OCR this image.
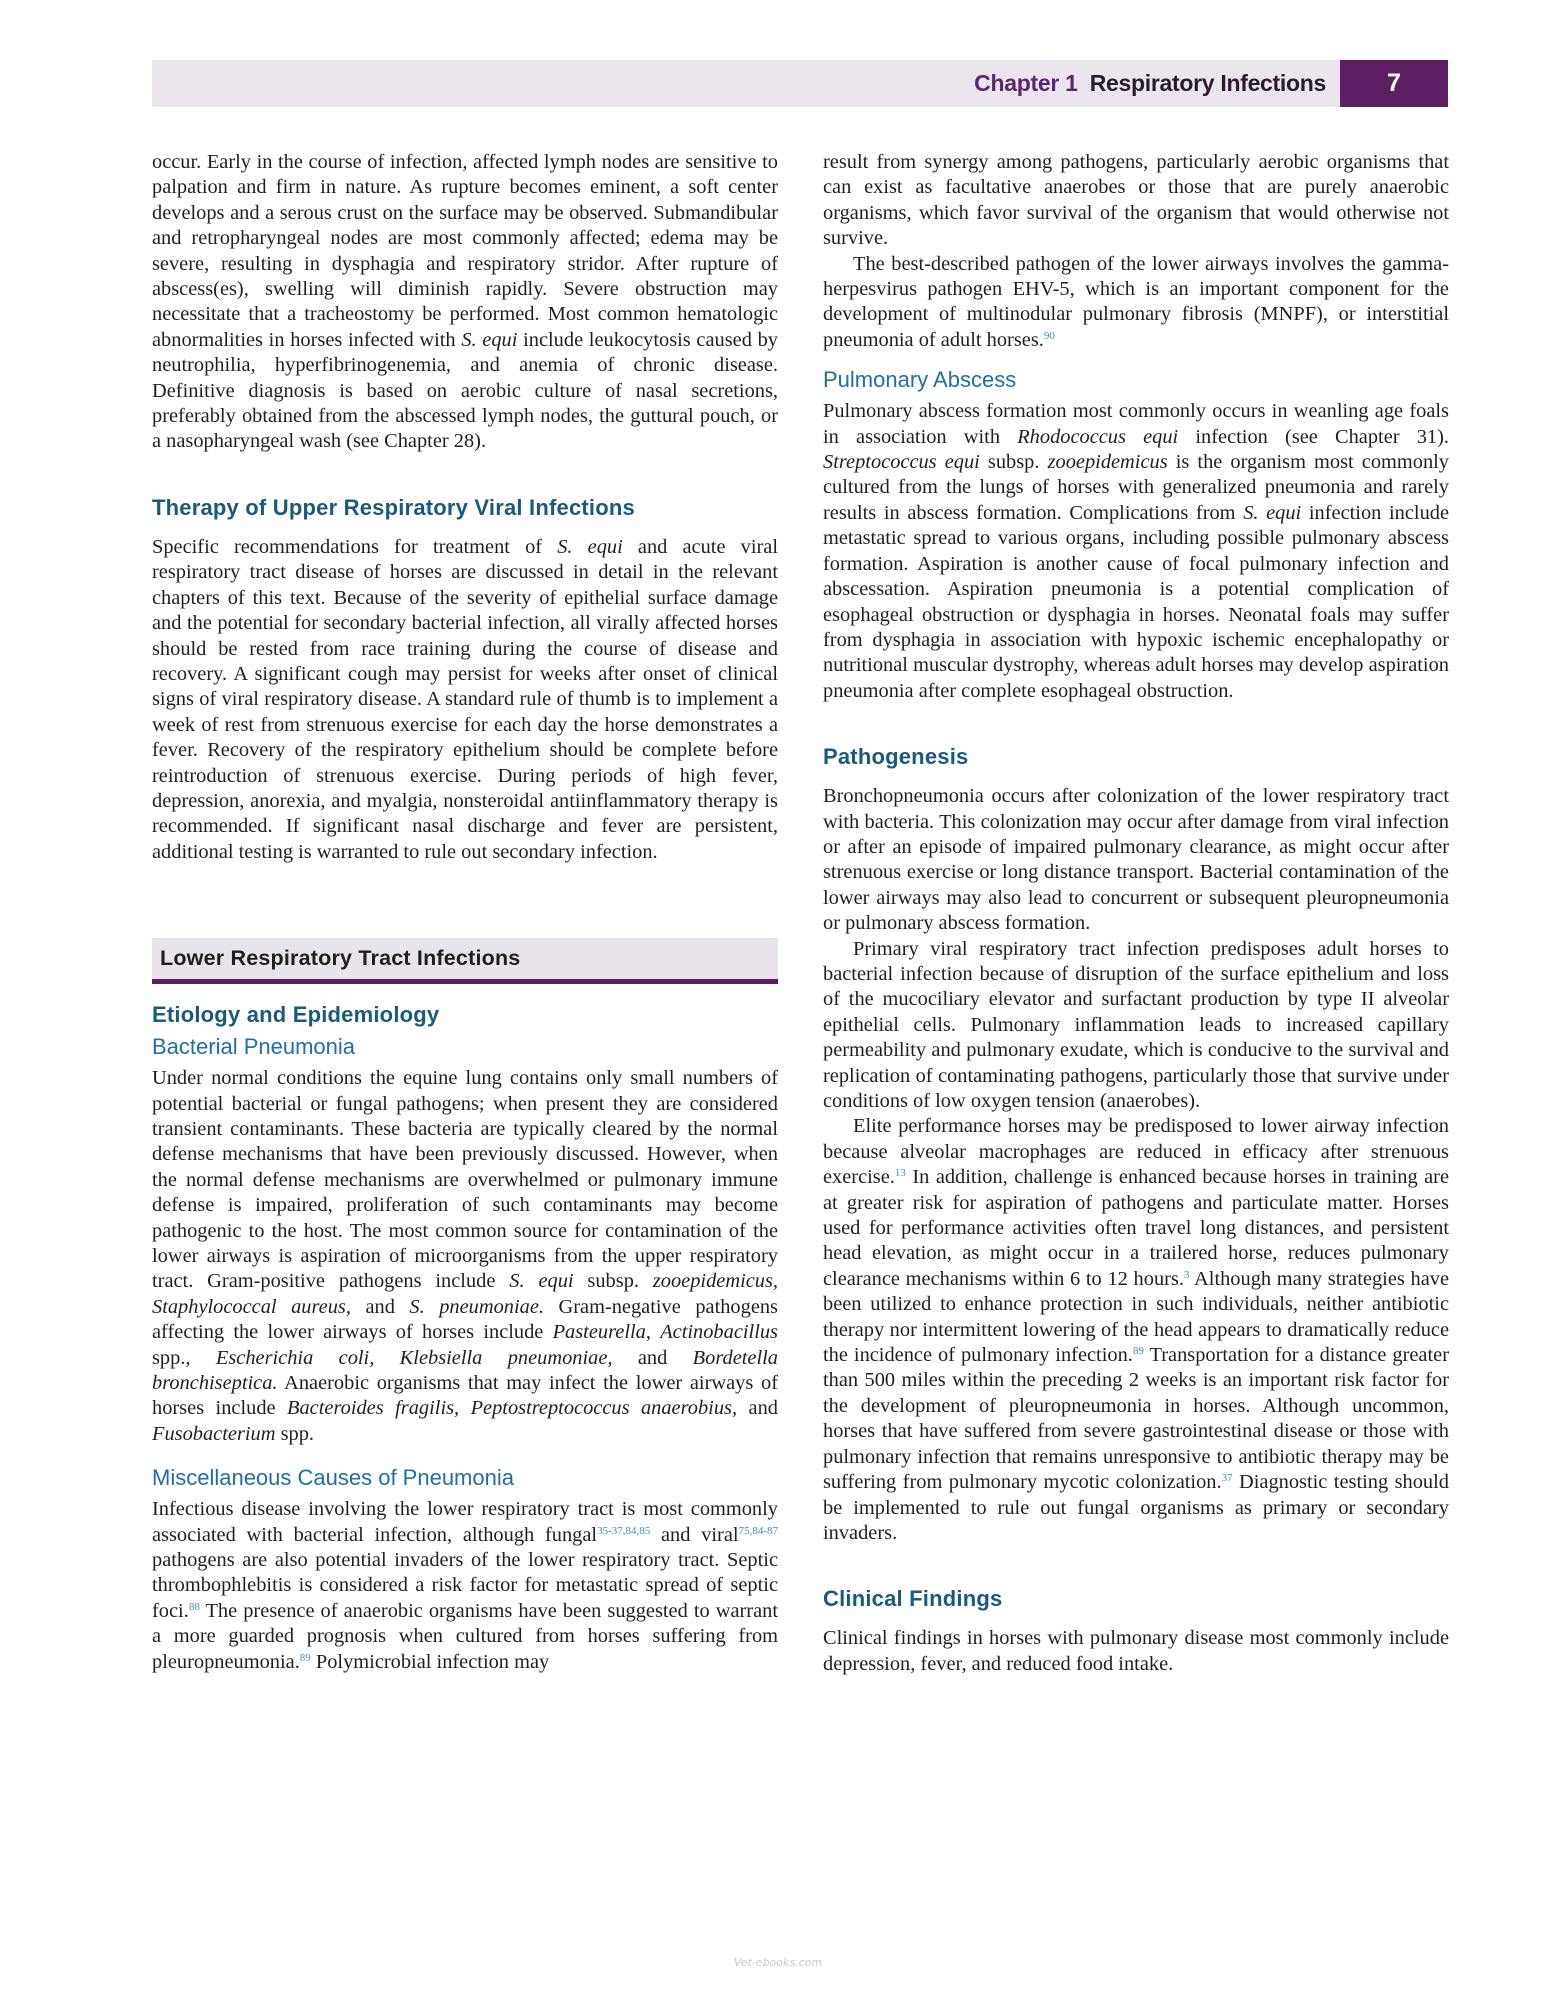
Chapter 1 Respiratory Infections	7

occur. Early in the course of infection, affected lymph nodes are sensitive to palpation and firm in nature. As rupture becomes eminent, a soft center develops and a serous crust on the surface may be observed. Submandibular and retropharyngeal nodes are most commonly affected; edema may be severe, resulting in dysphagia and respiratory stridor. After rupture of abscess(es), swelling will diminish rapidly. Severe obstruction may necessitate that a tracheostomy be performed. Most common hematologic abnormalities in horses infected with S. equi include leukocytosis caused by neutrophilia, hyperfibrinogenemia, and anemia of chronic disease. Definitive diagnosis is based on aerobic culture of nasal secretions, preferably obtained from the abscessed lymph nodes, the guttural pouch, or a nasopharyngeal wash (see Chapter 28).

Therapy of Upper Respiratory Viral Infections

Specific recommendations for treatment of S. equi and acute viral respiratory tract disease of horses are discussed in detail in the relevant chapters of this text. Because of the severity of epithelial surface damage and the potential for secondary bacterial infection, all virally affected horses should be rested from race training during the course of disease and recovery. A significant cough may persist for weeks after onset of clinical signs of viral respiratory disease. A standard rule of thumb is to implement a week of rest from strenuous exercise for each day the horse demonstrates a fever. Recovery of the respiratory epithelium should be complete before reintroduction of strenuous exercise. During periods of high fever, depression, anorexia, and myalgia, nonsteroidal antiinflammatory therapy is recommended. If significant nasal discharge and fever are persistent, additional testing is warranted to rule out secondary infection.

Lower Respiratory Tract Infections
Etiology and Epidemiology
Bacterial Pneumonia

Under normal conditions the equine lung contains only small numbers of potential bacterial or fungal pathogens; when present they are considered transient contaminants. These bacteria are typically cleared by the normal defense mechanisms that have been previously discussed. However, when the normal defense mechanisms are overwhelmed or pulmonary immune defense is impaired, proliferation of such contaminants may become pathogenic to the host. The most common source for contamination of the lower airways is aspiration of microorganisms from the upper respiratory tract. Gram-positive pathogens include S. equi subsp. zooepidemicus, Staphylococcal aureus, and S. pneumoniae. Gram-negative pathogens affecting the lower airways of horses include Pasteurella, Actinobacillus spp., Escherichia coli, Klebsiella pneumoniae, and Bordetella bronchiseptica. Anaerobic organisms that may infect the lower airways of horses include Bacteroides fragilis, Peptostreptococcus anaerobius, and Fusobacterium spp.

Miscellaneous Causes of Pneumonia

Infectious disease involving the lower respiratory tract is most commonly associated with bacterial infection, although fungal$^{35-37,84,85}$ and viral$^{75,84-87}$ pathogens are also potential invaders of the lower respiratory tract. Septic thrombophlebitis is considered a risk factor for metastatic spread of septic foci.$^{88}$ The presence of anaerobic organisms have been suggested to warrant a more guarded prognosis when cultured from horses suffering from pleuropneumonia.$^{89}$ Polymicrobial infection may

result from synergy among pathogens, particularly aerobic organisms that can exist as facultative anaerobes or those that are purely anaerobic organisms, which favor survival of the organism that would otherwise not survive.

The best-described pathogen of the lower airways involves the gamma-herpesvirus pathogen EHV-5, which is an important component for the development of multinodular pulmonary fibrosis (MNPF), or interstitial pneumonia of adult horses.$^{90}$

Pulmonary Abscess

Pulmonary abscess formation most commonly occurs in weanling age foals in association with Rhodococcus equi infection (see Chapter 31). Streptococcus equi subsp. zooepidemicus is the organism most commonly cultured from the lungs of horses with generalized pneumonia and rarely results in abscess formation. Complications from S. equi infection include metastatic spread to various organs, including possible pulmonary abscess formation. Aspiration is another cause of focal pulmonary infection and abscessation. Aspiration pneumonia is a potential complication of esophageal obstruction or dysphagia in horses. Neonatal foals may suffer from dysphagia in association with hypoxic ischemic encephalopathy or nutritional muscular dystrophy, whereas adult horses may develop aspiration pneumonia after complete esophageal obstruction.

Pathogenesis

Bronchopneumonia occurs after colonization of the lower respiratory tract with bacteria. This colonization may occur after damage from viral infection or after an episode of impaired pulmonary clearance, as might occur after strenuous exercise or long distance transport. Bacterial contamination of the lower airways may also lead to concurrent or subsequent pleuropneumonia or pulmonary abscess formation.

Primary viral respiratory tract infection predisposes adult horses to bacterial infection because of disruption of the surface epithelium and loss of the mucociliary elevator and surfactant production by type II alveolar epithelial cells. Pulmonary inflammation leads to increased capillary permeability and pulmonary exudate, which is conducive to the survival and replication of contaminating pathogens, particularly those that survive under conditions of low oxygen tension (anaerobes).

Elite performance horses may be predisposed to lower airway infection because alveolar macrophages are reduced in efficacy after strenuous exercise.$^{13}$ In addition, challenge is enhanced because horses in training are at greater risk for aspiration of pathogens and particulate matter. Horses used for performance activities often travel long distances, and persistent head elevation, as might occur in a trailered horse, reduces pulmonary clearance mechanisms within 6 to 12 hours.$^3$ Although many strategies have been utilized to enhance protection in such individuals, neither antibiotic therapy nor intermittent lowering of the head appears to dramatically reduce the incidence of pulmonary infection.$^{89}$ Transportation for a distance greater than 500 miles within the preceding 2 weeks is an important risk factor for the development of pleuropneumonia in horses. Although uncommon, horses that have suffered from severe gastrointestinal disease or those with pulmonary infection that remains unresponsive to antibiotic therapy may be suffering from pulmonary mycotic colonization.$^{37}$ Diagnostic testing should be implemented to rule out fungal organisms as primary or secondary invaders.

Clinical Findings

Clinical findings in horses with pulmonary disease most commonly include depression, fever, and reduced food intake.

Vet-ebooks.com
